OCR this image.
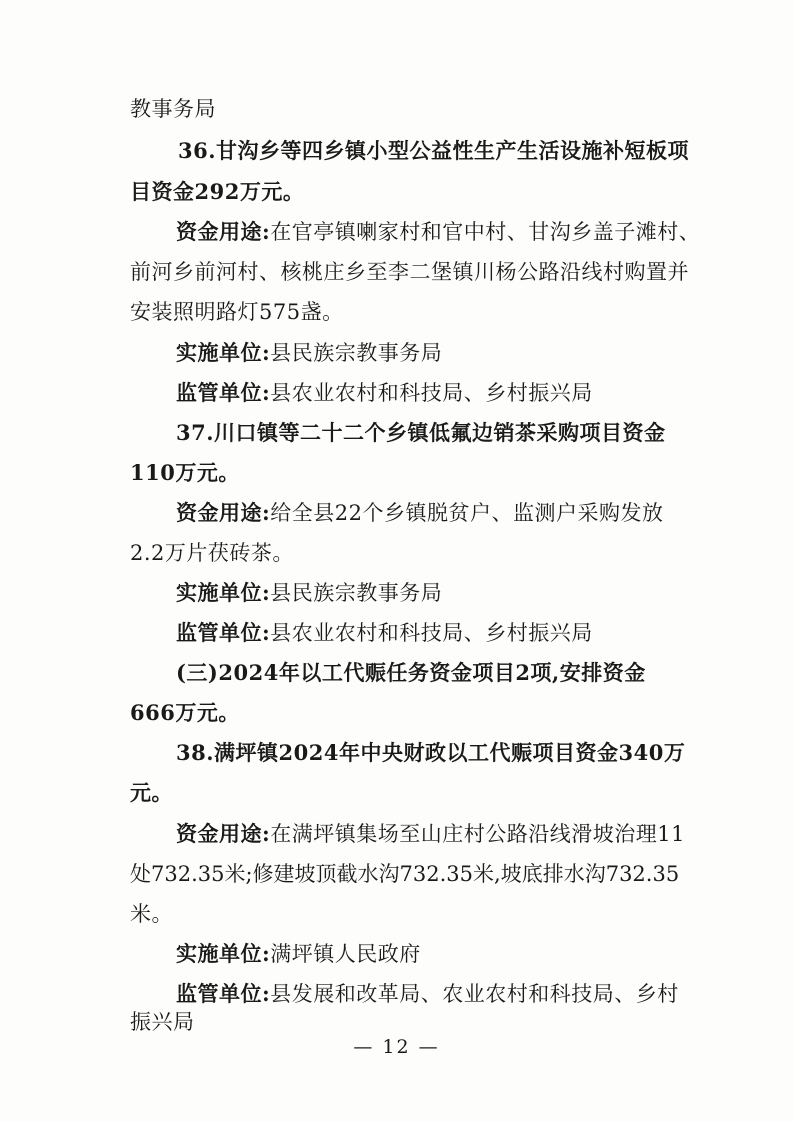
教事务局
36.甘沟乡等四乡镇小型公益性生产生活设施补短板项
目资金292万元。
资金用途:在官亭镇喇家村和官中村、甘沟乡盖子滩村、
前河乡前河村、核桃庄乡至李二堡镇川杨公路沿线村购置并
安装照明路灯575盏。
实施单位:县民族宗教事务局
监管单位:县农业农村和科技局、乡村振兴局
37.川口镇等二十二个乡镇低氟边销茶采购项目资金
110万元。
资金用途:给全县22个乡镇脱贫户、监测户采购发放
2.2万片茯砖茶。
实施单位:县民族宗教事务局
监管单位:县农业农村和科技局、乡村振兴局
(三)2024年以工代赈任务资金项目2项,安排资金
666万元。
38.满坪镇2024年中央财政以工代赈项目资金340万
元。
资金用途:在满坪镇集场至山庄村公路沿线滑坡治理11
处732.35米;修建坡顶截水沟732.35米,坡底排水沟732.35
米。
实施单位:满坪镇人民政府
监管单位:县发展和改革局、农业农村和科技局、乡村
振兴局
— 12 —
